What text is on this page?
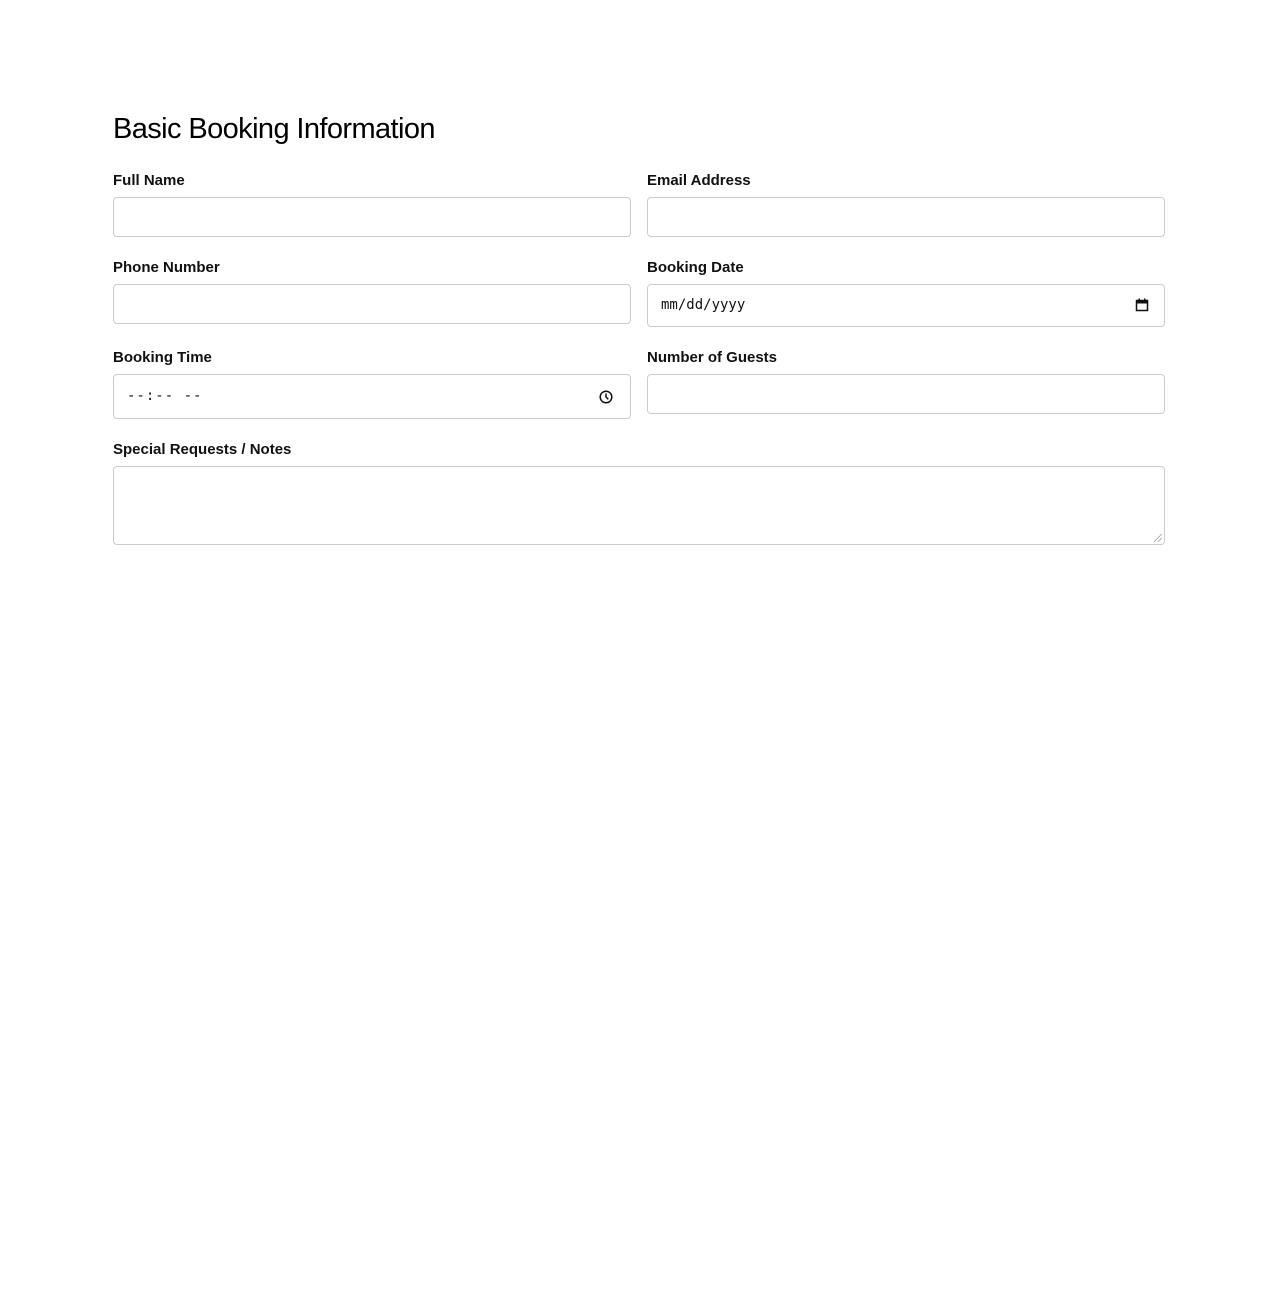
Basic Booking Information
Full Name	Email Address
Phone Number	Booking Date
mm/dd/yyyy
Booking Time
--:-- --
Number of Guests
Special Requests / Notes
